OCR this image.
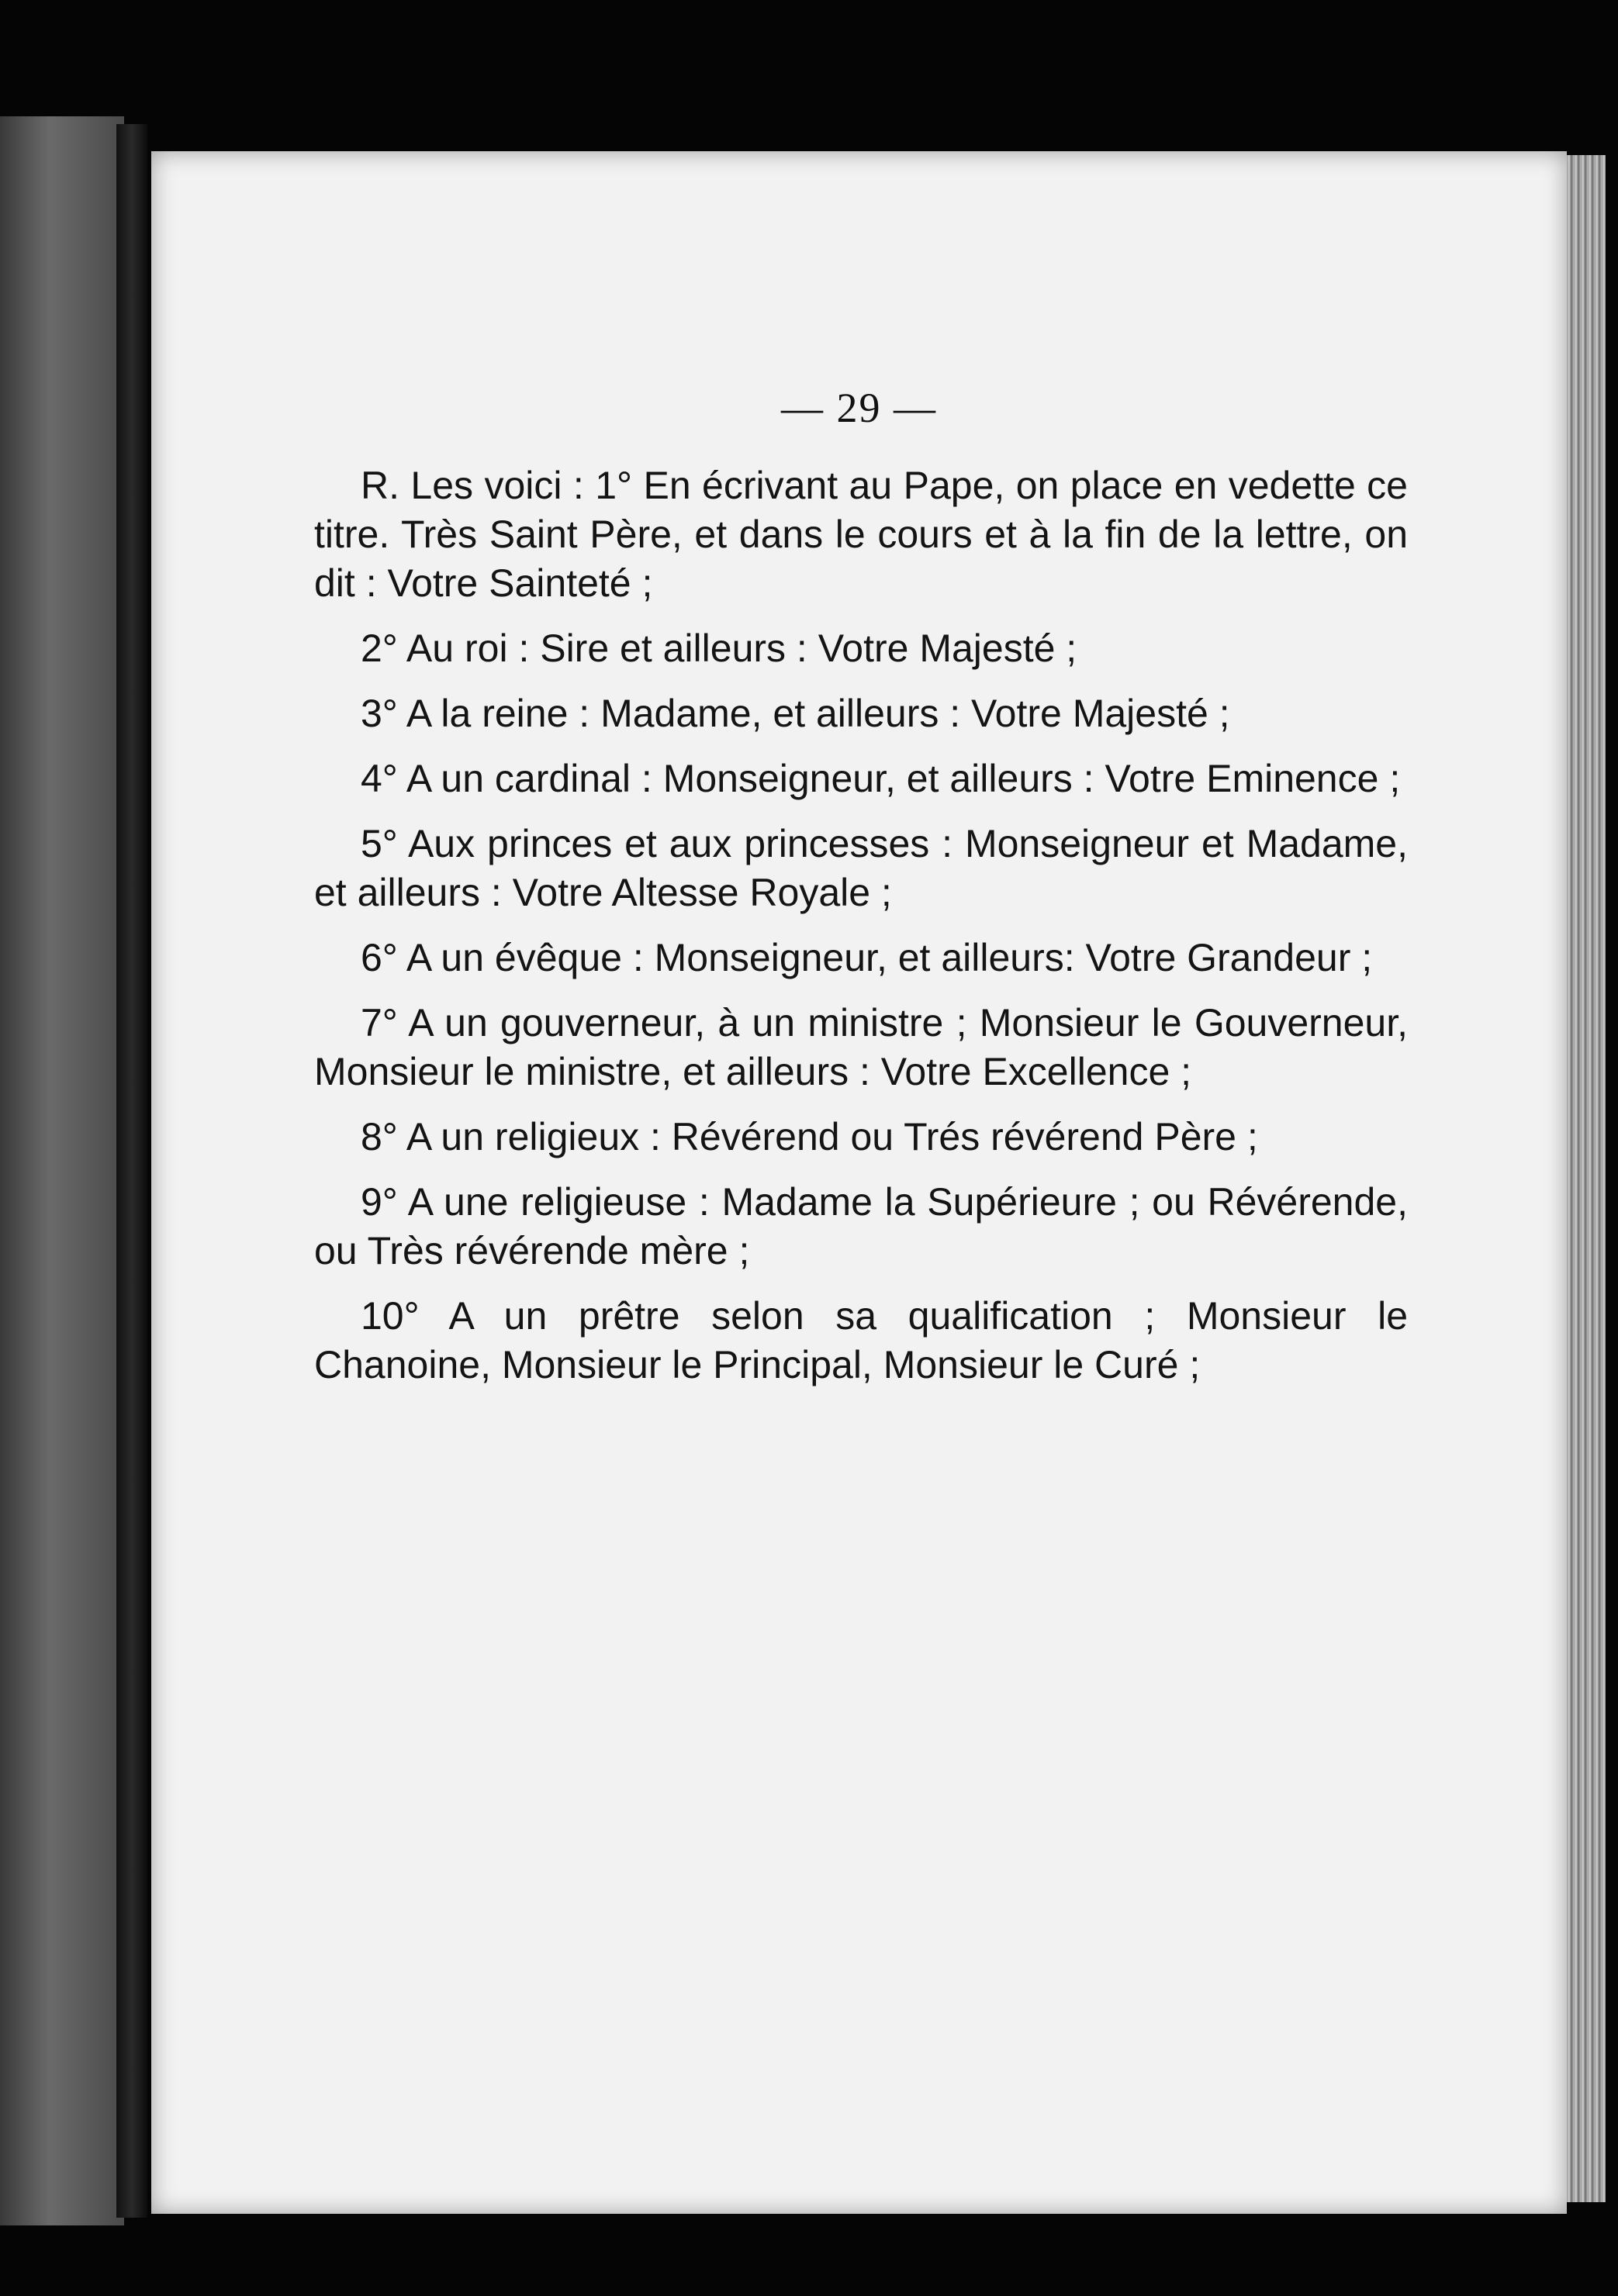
— 29 —

R. Les voici : 1° En écrivant au Pape, on place en vedette ce titre. Très Saint Père, et dans le cours et à la fin de la lettre, on dit : Votre Sainteté ;

2° Au roi : Sire et ailleurs : Votre Majesté ;

3° A la reine : Madame, et ailleurs : Votre Majesté ;

4° A un cardinal : Monseigneur, et ailleurs : Votre Eminence ;

5° Aux princes et aux princesses : Monseigneur et Madame, et ailleurs : Votre Altesse Royale ;

6° A un évêque : Monseigneur, et ailleurs: Votre Grandeur ;

7° A un gouverneur, à un ministre ; Monsieur le Gouverneur, Monsieur le ministre, et ailleurs : Votre Excellence ;

8° A un religieux : Révérend ou Trés révérend Père ;

9° A une religieuse : Madame la Supérieure ; ou Révérende, ou Très révérende mère ;

10° A un prêtre selon sa qualification ; Monsieur le Chanoine, Monsieur le Principal, Monsieur le Curé ;
